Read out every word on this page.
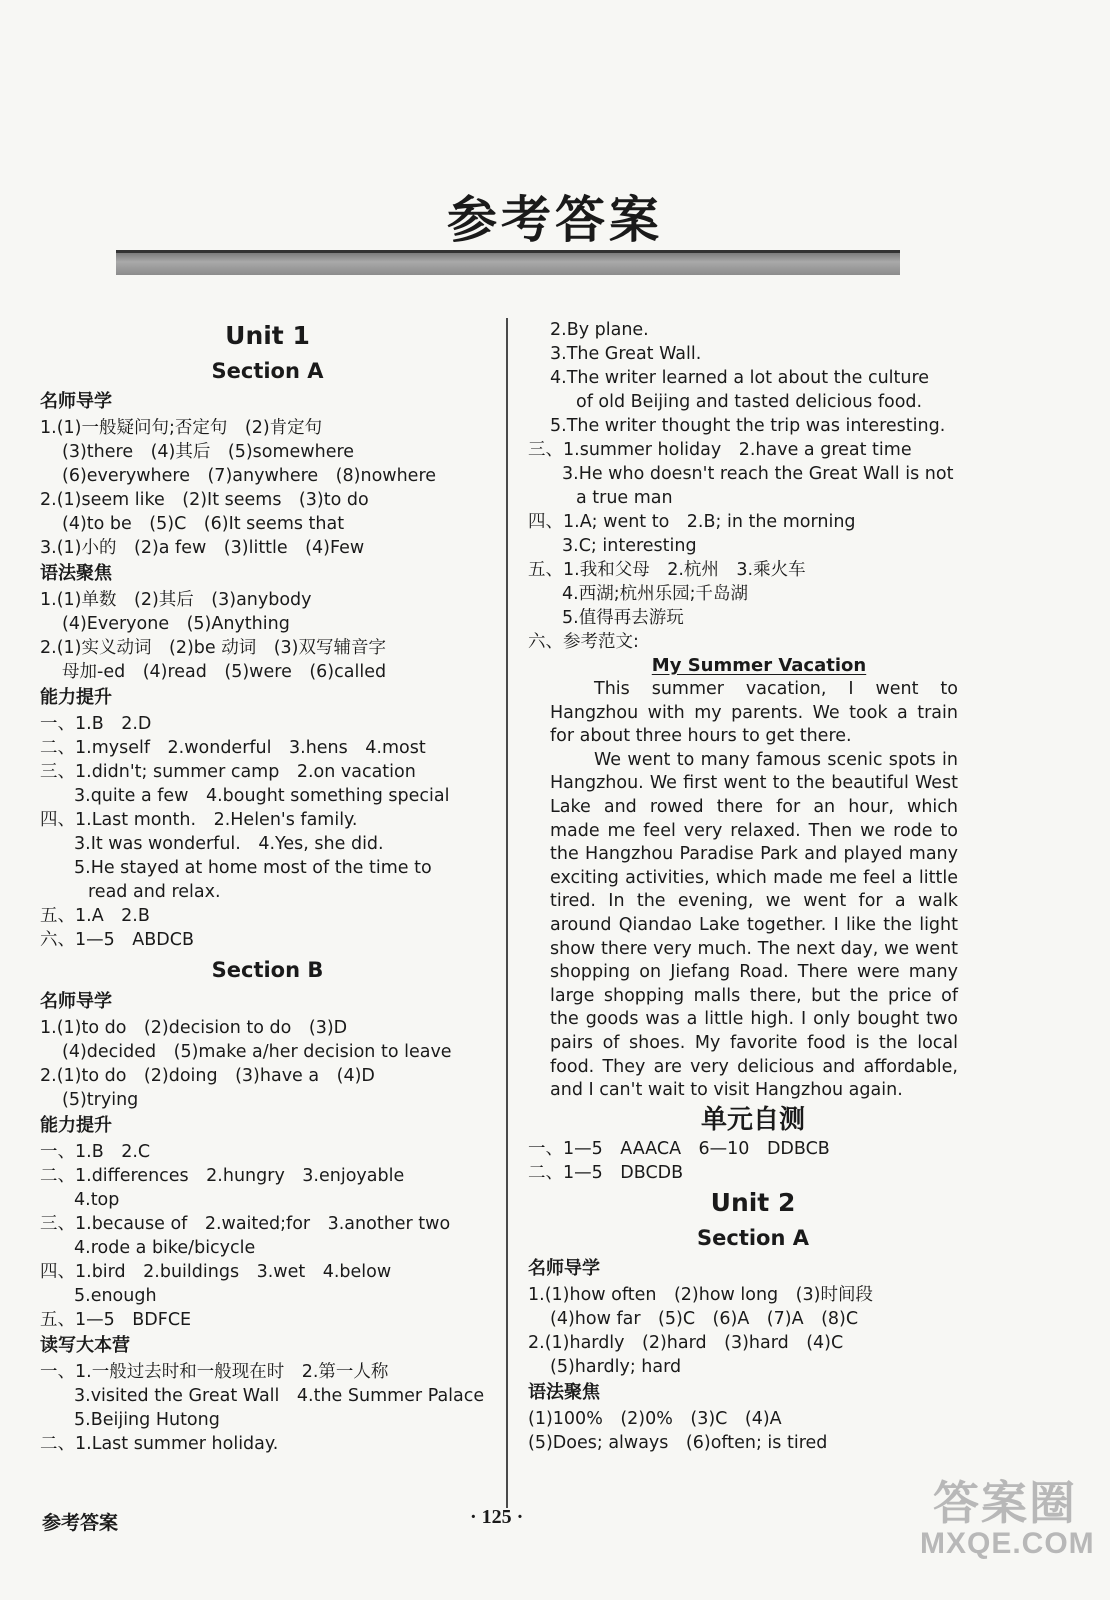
参考答案
Unit 1
Section A
名师导学
1.(1)一般疑问句;否定句　(2)肯定句
(3)there　(4)其后　(5)somewhere
(6)everywhere　(7)anywhere　(8)nowhere
2.(1)seem like　(2)It seems　(3)to do
(4)to be　(5)C　(6)It seems that
3.(1)小的　(2)a few　(3)little　(4)Few
语法聚焦
1.(1)单数　(2)其后　(3)anybody
(4)Everyone　(5)Anything
2.(1)实义动词　(2)be 动词　(3)双写辅音字
母加-ed　(4)read　(5)were　(6)called
能力提升
一、1.B　2.D
二、1.myself　2.wonderful　3.hens　4.most
三、1.didn't; summer camp　2.on vacation
3.quite a few　4.bought something special
四、1.Last month.　2.Helen's family.
3.It was wonderful.　4.Yes, she did.
5.He stayed at home most of the time to
read and relax.
五、1.A　2.B
六、1—5　ABDCB
Section B
名师导学
1.(1)to do　(2)decision to do　(3)D
(4)decided　(5)make a/her decision to leave
2.(1)to do　(2)doing　(3)have a　(4)D
(5)trying
能力提升
一、1.B　2.C
二、1.differences　2.hungry　3.enjoyable
4.top
三、1.because of　2.waited;for　3.another two
4.rode a bike/bicycle
四、1.bird　2.buildings　3.wet　4.below
5.enough
五、1—5　BDFCE
读写大本营
一、1.一般过去时和一般现在时　2.第一人称
3.visited the Great Wall　4.the Summer Palace
5.Beijing Hutong
二、1.Last summer holiday.
2.By plane.
3.The Great Wall.
4.The writer learned a lot about the culture
of old Beijing and tasted delicious food.
5.The writer thought the trip was interesting.
三、1.summer holiday　2.have a great time
3.He who doesn't reach the Great Wall is not
a true man
四、1.A; went to　2.B; in the morning
3.C; interesting
五、1.我和父母　2.杭州　3.乘火车
4.西湖;杭州乐园;千岛湖
5.值得再去游玩
六、参考范文:
My Summer Vacation

This summer vacation, I went to Hangzhou with my parents. We took a train for about three hours to get there.

We went to many famous scenic spots in Hangzhou. We first went to the beautiful West Lake and rowed there for an hour, which made me feel very relaxed. Then we rode to the Hangzhou Paradise Park and played many exciting activities, which made me feel a little tired. In the evening, we went for a walk around Qiandao Lake together. I like the light show there very much. The next day, we went shopping on Jiefang Road. There were many large shopping malls there, but the price of the goods was a little high. I only bought two pairs of shoes. My favorite food is the local food. They are very delicious and affordable, and I can't wait to visit Hangzhou again.

单元自测
一、1—5　AAACA　6—10　DDBCB
二、1—5　DBCDB
Unit 2
Section A
名师导学
1.(1)how often　(2)how long　(3)时间段
(4)how far　(5)C　(6)A　(7)A　(8)C
2.(1)hardly　(2)hard　(3)hard　(4)C
(5)hardly; hard
语法聚焦
(1)100%　(2)0%　(3)C　(4)A
(5)Does; always　(6)often; is tired
参考答案	· 125 ·	答案圈
MXQE.COM
